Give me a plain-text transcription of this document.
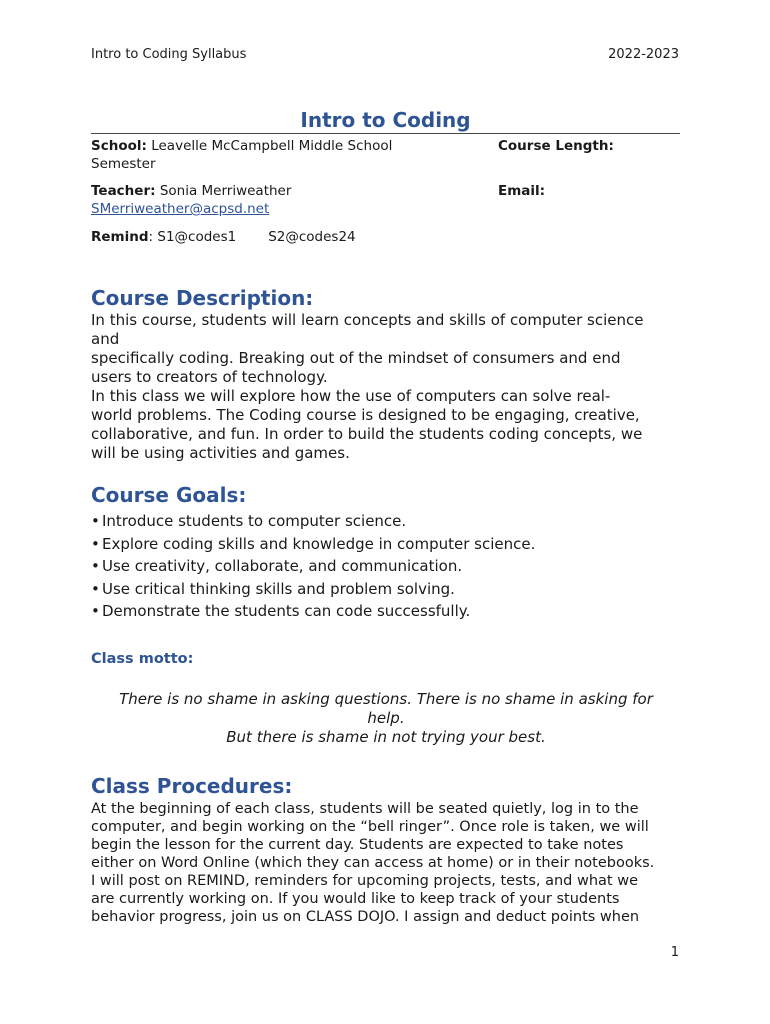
Intro to Coding Syllabus	2022-2023
Intro to Coding
School: Leavelle McCampbell Middle School
Semester
Course Length:
Teacher: Sonia Merriweather
SMerriweather@acpsd.net
Email:
Remind: S1@codes1 S2@codes24
Course Description:

In this course, students will learn concepts and skills of computer science

and

specifically coding. Breaking out of the mindset of consumers and end

users to creators of technology.

In this class we will explore how the use of computers can solve real-

world problems. The Coding course is designed to be engaging, creative,

collaborative, and fun. In order to build the students coding concepts, we

will be using activities and games.

Course Goals:
• Introduce students to computer science.
• Explore coding skills and knowledge in computer science.
• Use creativity, collaborate, and communication.
• Use critical thinking skills and problem solving.
• Demonstrate the students can code successfully.
Class motto:
There is no shame in asking questions. There is no shame in asking for
help.
But there is shame in not trying your best.
Class Procedures:
At the beginning of each class, students will be seated quietly, log in to the
computer, and begin working on the “bell ringer”. Once role is taken, we will
begin the lesson for the current day. Students are expected to take notes
either on Word Online (which they can access at home) or in their notebooks.
I will post on REMIND, reminders for upcoming projects, tests, and what we
are currently working on. If you would like to keep track of your students
behavior progress, join us on CLASS DOJO. I assign and deduct points when
1
